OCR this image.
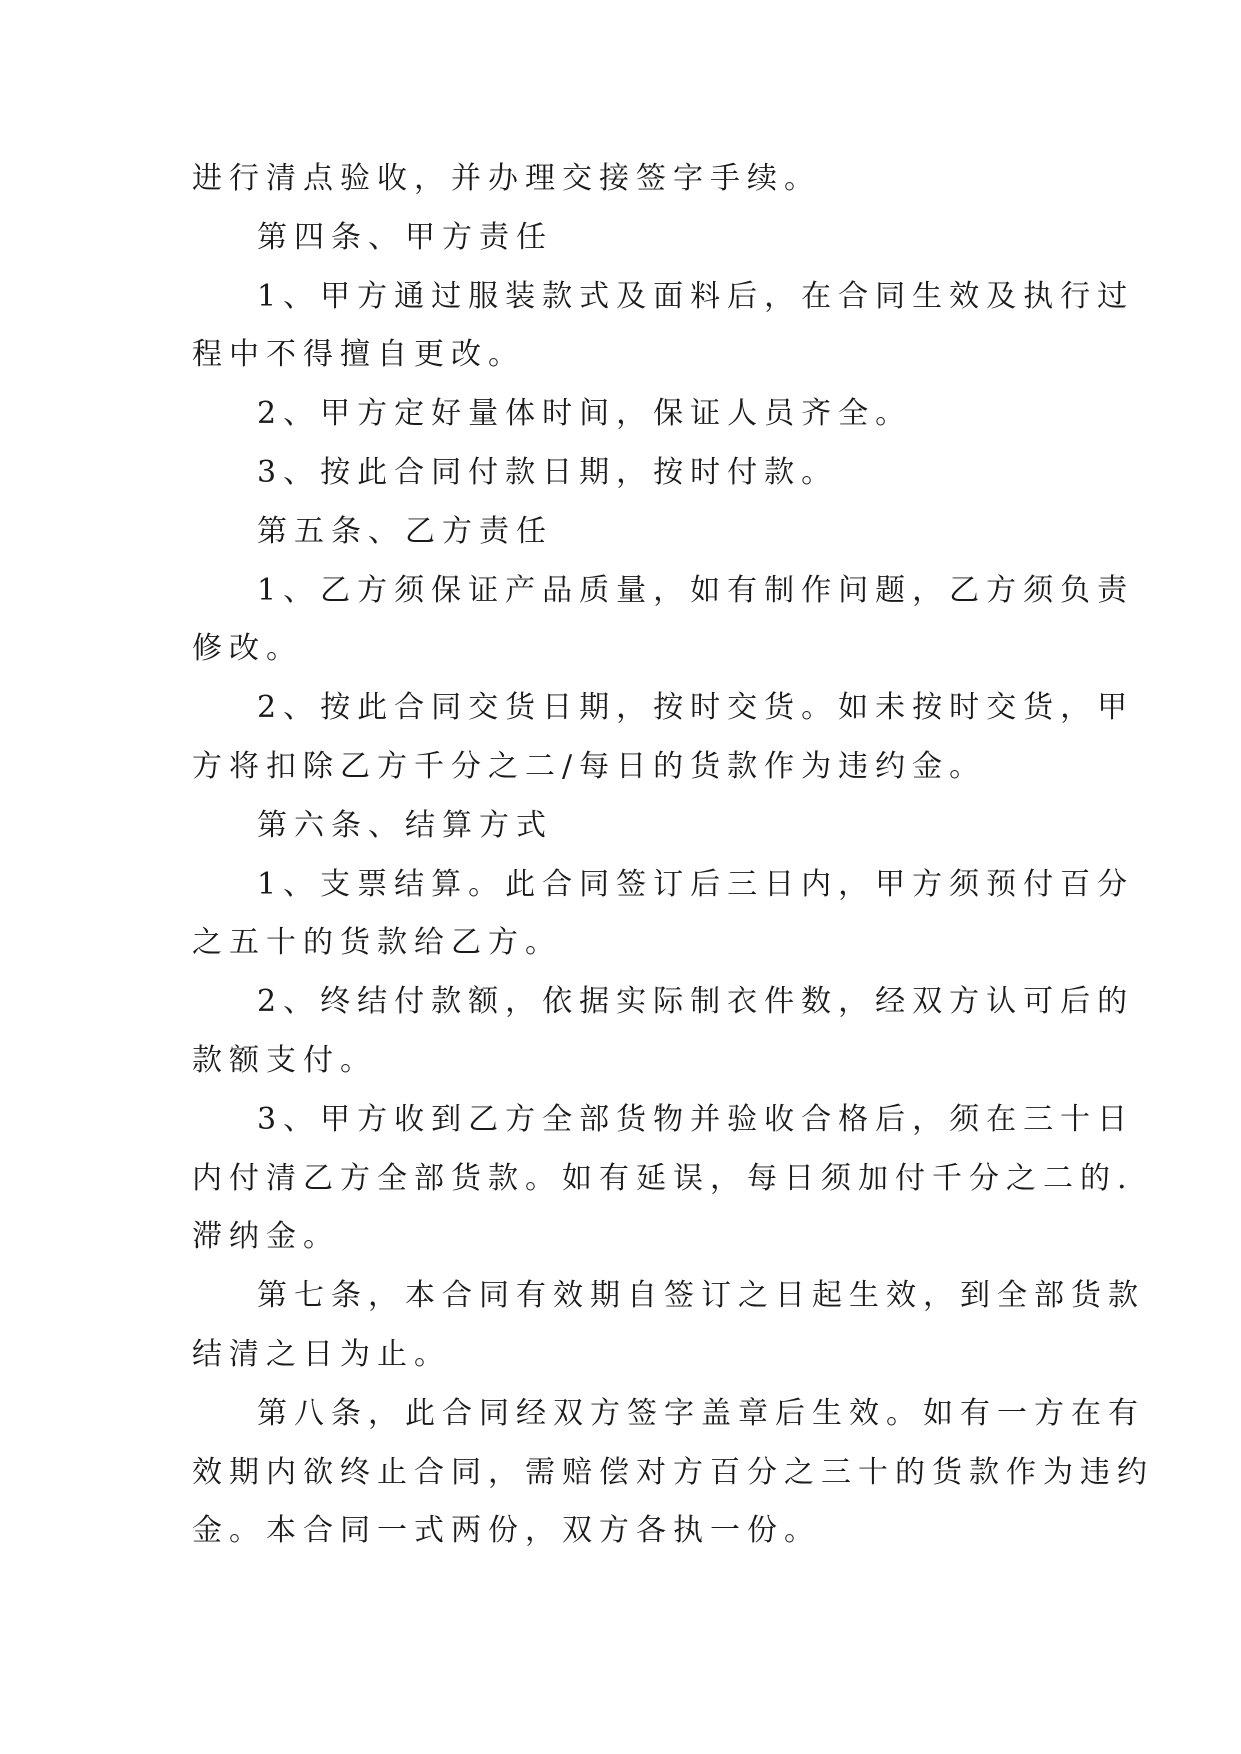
进行清点验收，并办理交接签字手续。
第四条、甲方责任
1、甲方通过服装款式及面料后，在合同生效及执行过
程中不得擅自更改。
2、甲方定好量体时间，保证人员齐全。
3、按此合同付款日期，按时付款。
第五条、乙方责任
1、乙方须保证产品质量，如有制作问题，乙方须负责
修改。
2、按此合同交货日期，按时交货。如未按时交货，甲
方将扣除乙方千分之二/每日的货款作为违约金。
第六条、结算方式
1、支票结算。此合同签订后三日内，甲方须预付百分
之五十的货款给乙方。
2、终结付款额，依据实际制衣件数，经双方认可后的
款额支付。
3、甲方收到乙方全部货物并验收合格后，须在三十日
内付清乙方全部货款。如有延误，每日须加付千分之二的.
滞纳金。
第七条，本合同有效期自签订之日起生效，到全部货款
结清之日为止。
第八条，此合同经双方签字盖章后生效。如有一方在有
效期内欲终止合同，需赔偿对方百分之三十的货款作为违约
金。本合同一式两份，双方各执一份。
